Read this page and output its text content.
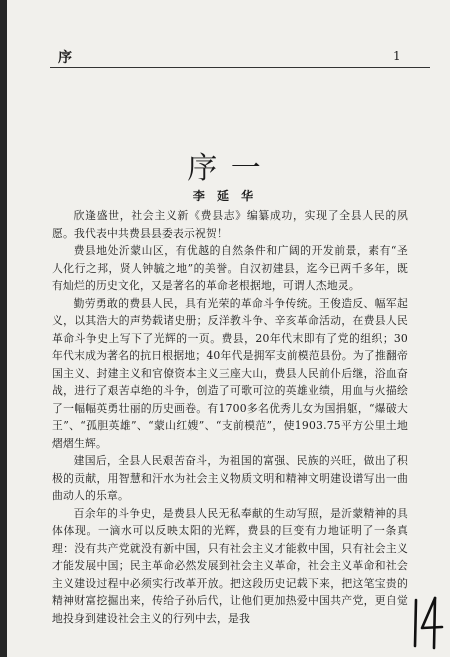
序	1
序 一
李 延 华

欣逢盛世，社会主义新《费县志》编纂成功，实现了全县人民的夙愿。我代表中共费县县委表示祝贺！

费县地处沂蒙山区，有优越的自然条件和广阔的开发前景，素有“圣人化行之邦，贤人钟毓之地”的美誉。自汉初建县，迄今已两千多年，既有灿烂的历史文化，又是著名的革命老根据地，可谓人杰地灵。

勤劳勇敢的费县人民，具有光荣的革命斗争传统。王俊造反、幅军起义，以其浩大的声势载诸史册；反洋教斗争、辛亥革命活动，在费县人民革命斗争史上写下了光辉的一页。费县，20年代末即有了党的组织；30年代末成为著名的抗日根据地；40年代是拥军支前模范县份。为了推翻帝国主义、封建主义和官僚资本主义三座大山，费县人民前仆后继，浴血奋战，进行了艰苦卓绝的斗争，创造了可歌可泣的英雄业绩，用血与火描绘了一幅幅英勇壮丽的历史画卷。有1700多名优秀儿女为国捐躯，“爆破大王”、“孤胆英雄”、“蒙山红嫂”、“支前模范”，使1903.75平方公里土地熠熠生辉。

建国后，全县人民艰苦奋斗，为祖国的富强、民族的兴旺，做出了积极的贡献，用智慧和汗水为社会主义物质文明和精神文明建设谱写出一曲曲动人的乐章。

百余年的斗争史，是费县人民无私奉献的生动写照，是沂蒙精神的具体体现。一滴水可以反映太阳的光辉，费县的巨变有力地证明了一条真理：没有共产党就没有新中国，只有社会主义才能救中国，只有社会主义才能发展中国；民主革命必然发展到社会主义革命，社会主义革命和社会主义建设过程中必须实行改革开放。把这段历史记载下来，把这笔宝贵的精神财富挖掘出来，传给子孙后代，让他们更加热爱中国共产党，更自觉地投身到建设社会主义的行列中去，是我
